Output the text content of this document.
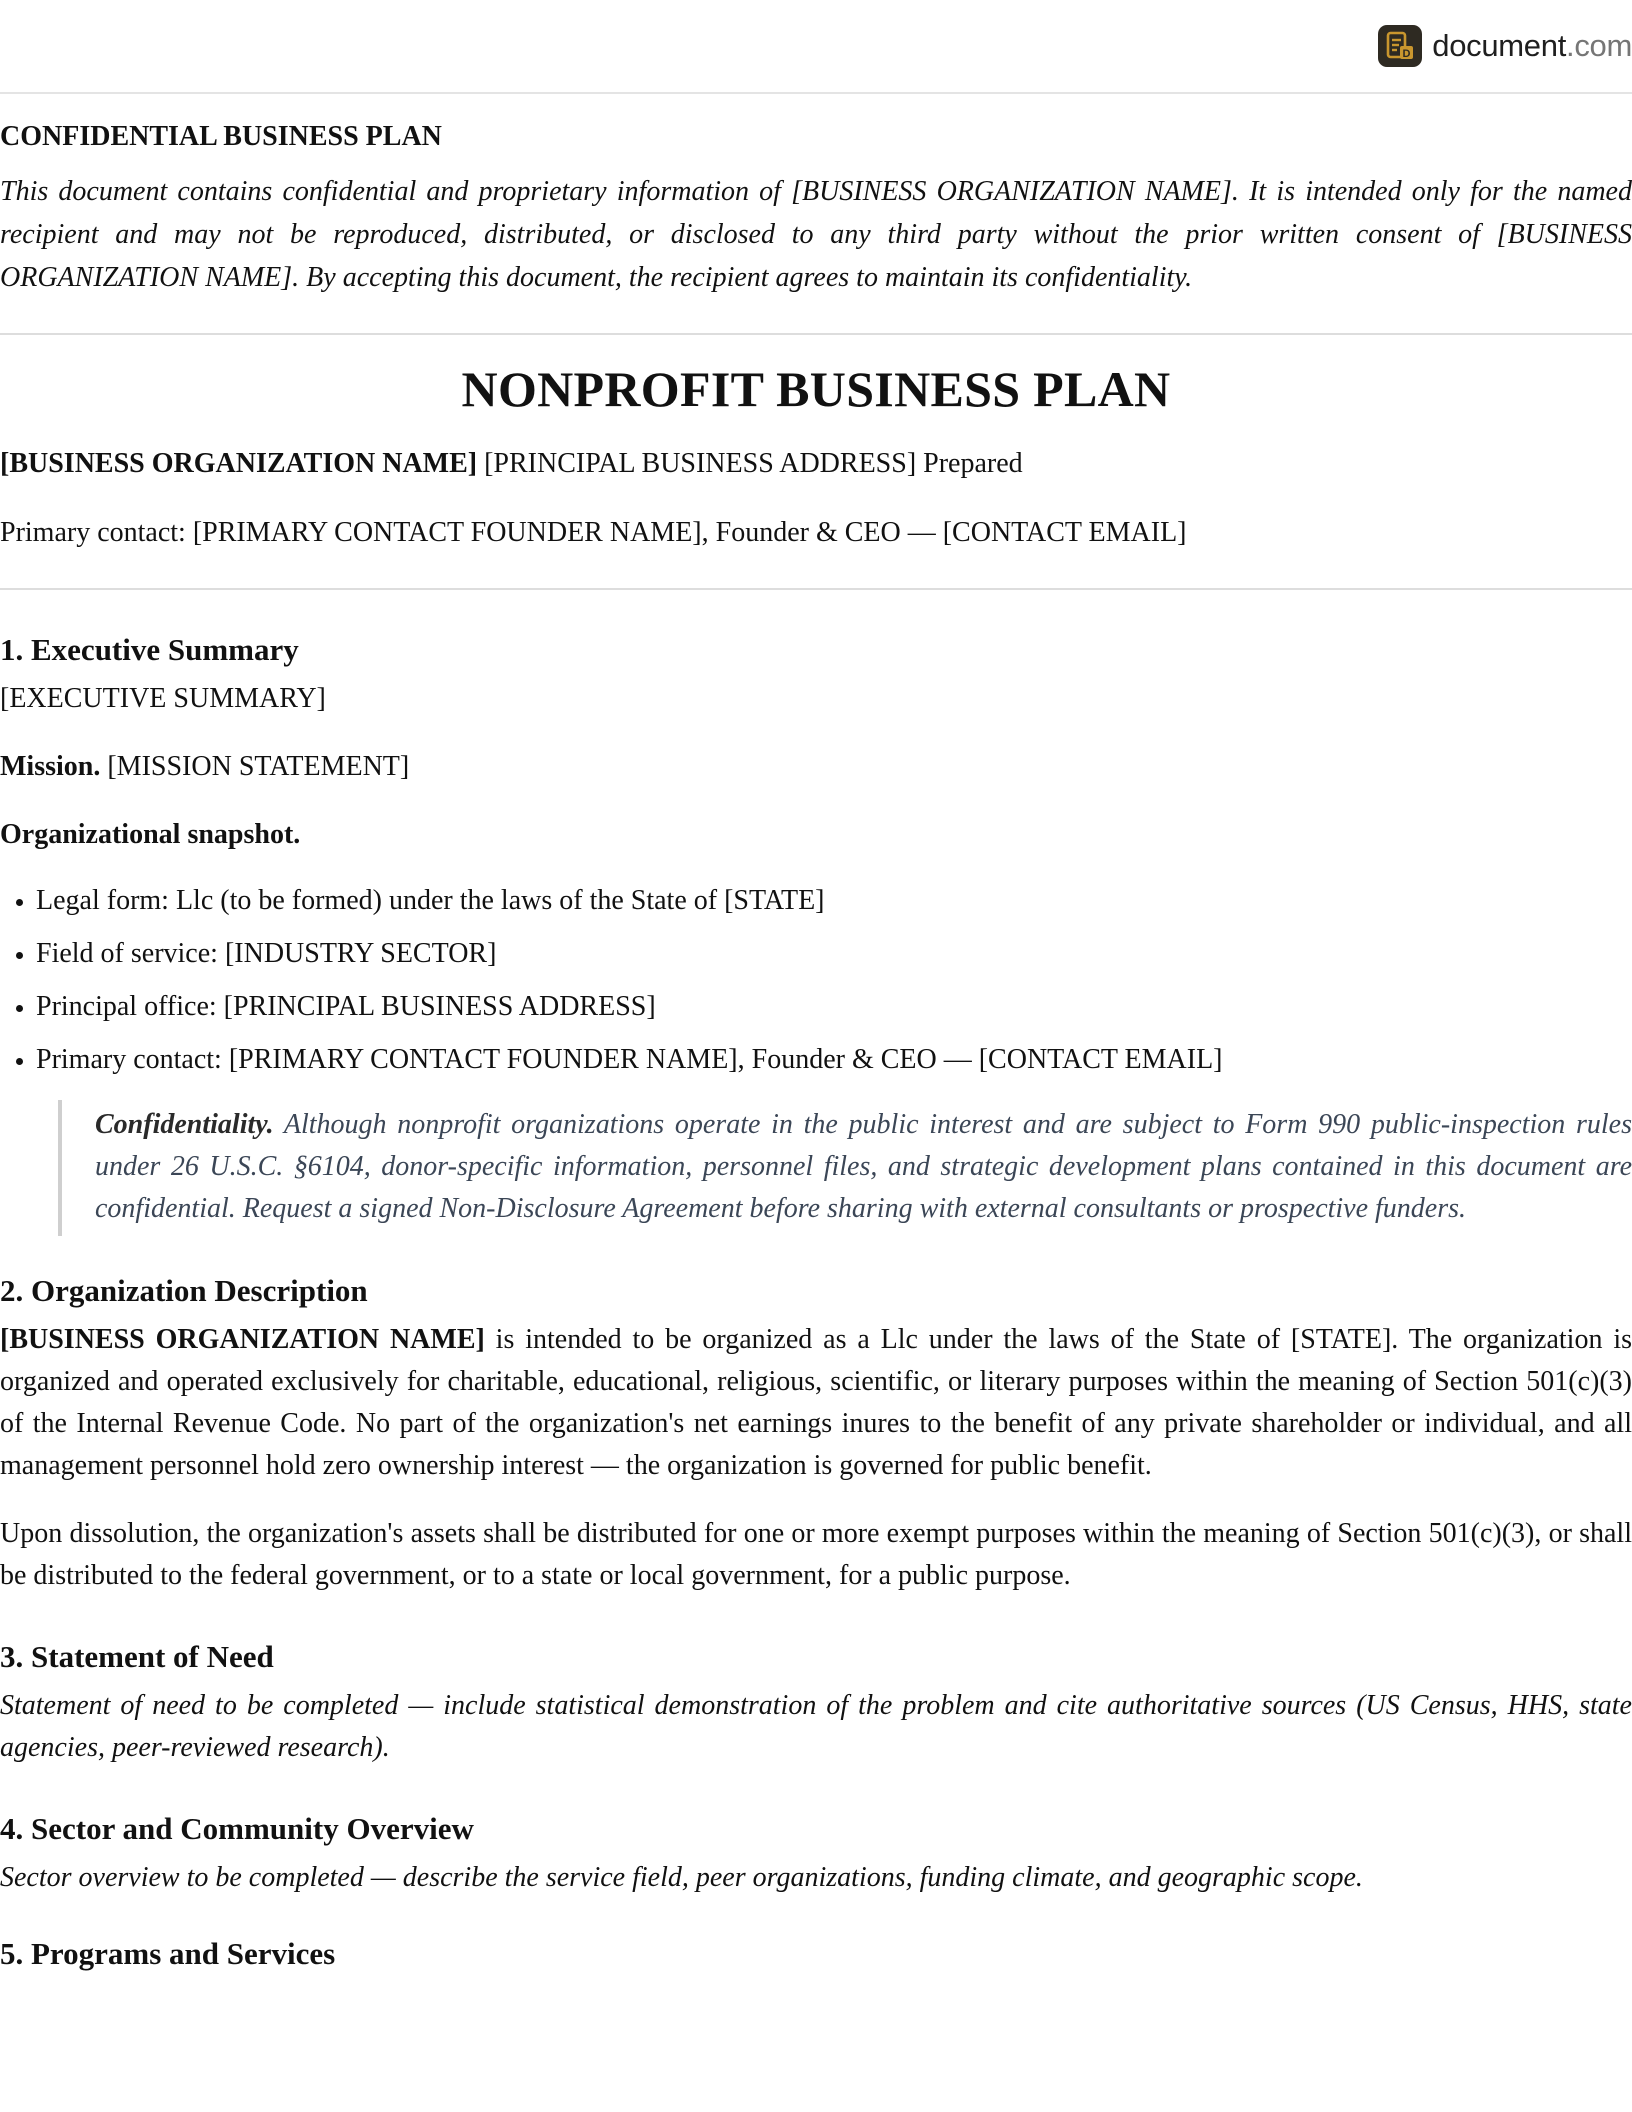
D document.com
CONFIDENTIAL BUSINESS PLAN
This document contains confidential and proprietary information of [BUSINESS ORGANIZATION NAME]. It is intended only for the named recipient and may not be reproduced, distributed, or disclosed to any third party without the prior written consent of [BUSINESS ORGANIZATION NAME]. By accepting this document, the recipient agrees to maintain its confidentiality.
NONPROFIT BUSINESS PLAN

[BUSINESS ORGANIZATION NAME] [PRINCIPAL BUSINESS ADDRESS] Prepared

Primary contact: [PRIMARY CONTACT FOUNDER NAME], Founder & CEO — [CONTACT EMAIL]

1. Executive Summary

[EXECUTIVE SUMMARY]

Mission. [MISSION STATEMENT]

Organizational snapshot.

• Legal form: Llc (to be formed) under the laws of the State of [STATE]
• Field of service: [INDUSTRY SECTOR]
• Principal office: [PRINCIPAL BUSINESS ADDRESS]
• Primary contact: [PRIMARY CONTACT FOUNDER NAME], Founder & CEO — [CONTACT EMAIL]
Confidentiality. Although nonprofit organizations operate in the public interest and are subject to Form 990 public-inspection rules under 26 U.S.C. §6104, donor-specific information, personnel files, and strategic development plans contained in this document are confidential. Request a signed Non-Disclosure Agreement before sharing with external consultants or prospective funders.
2. Organization Description

[BUSINESS ORGANIZATION NAME] is intended to be organized as a Llc under the laws of the State of [STATE]. The organization is organized and operated exclusively for charitable, educational, religious, scientific, or literary purposes within the meaning of Section 501(c)(3) of the Internal Revenue Code. No part of the organization's net earnings inures to the benefit of any private shareholder or individual, and all management personnel hold zero ownership interest — the organization is governed for public benefit.

Upon dissolution, the organization's assets shall be distributed for one or more exempt purposes within the meaning of Section 501(c)(3), or shall be distributed to the federal government, or to a state or local government, for a public purpose.

3. Statement of Need

Statement of need to be completed — include statistical demonstration of the problem and cite authoritative sources (US Census, HHS, state agencies, peer-reviewed research).

4. Sector and Community Overview

Sector overview to be completed — describe the service field, peer organizations, funding climate, and geographic scope.

5. Programs and Services
